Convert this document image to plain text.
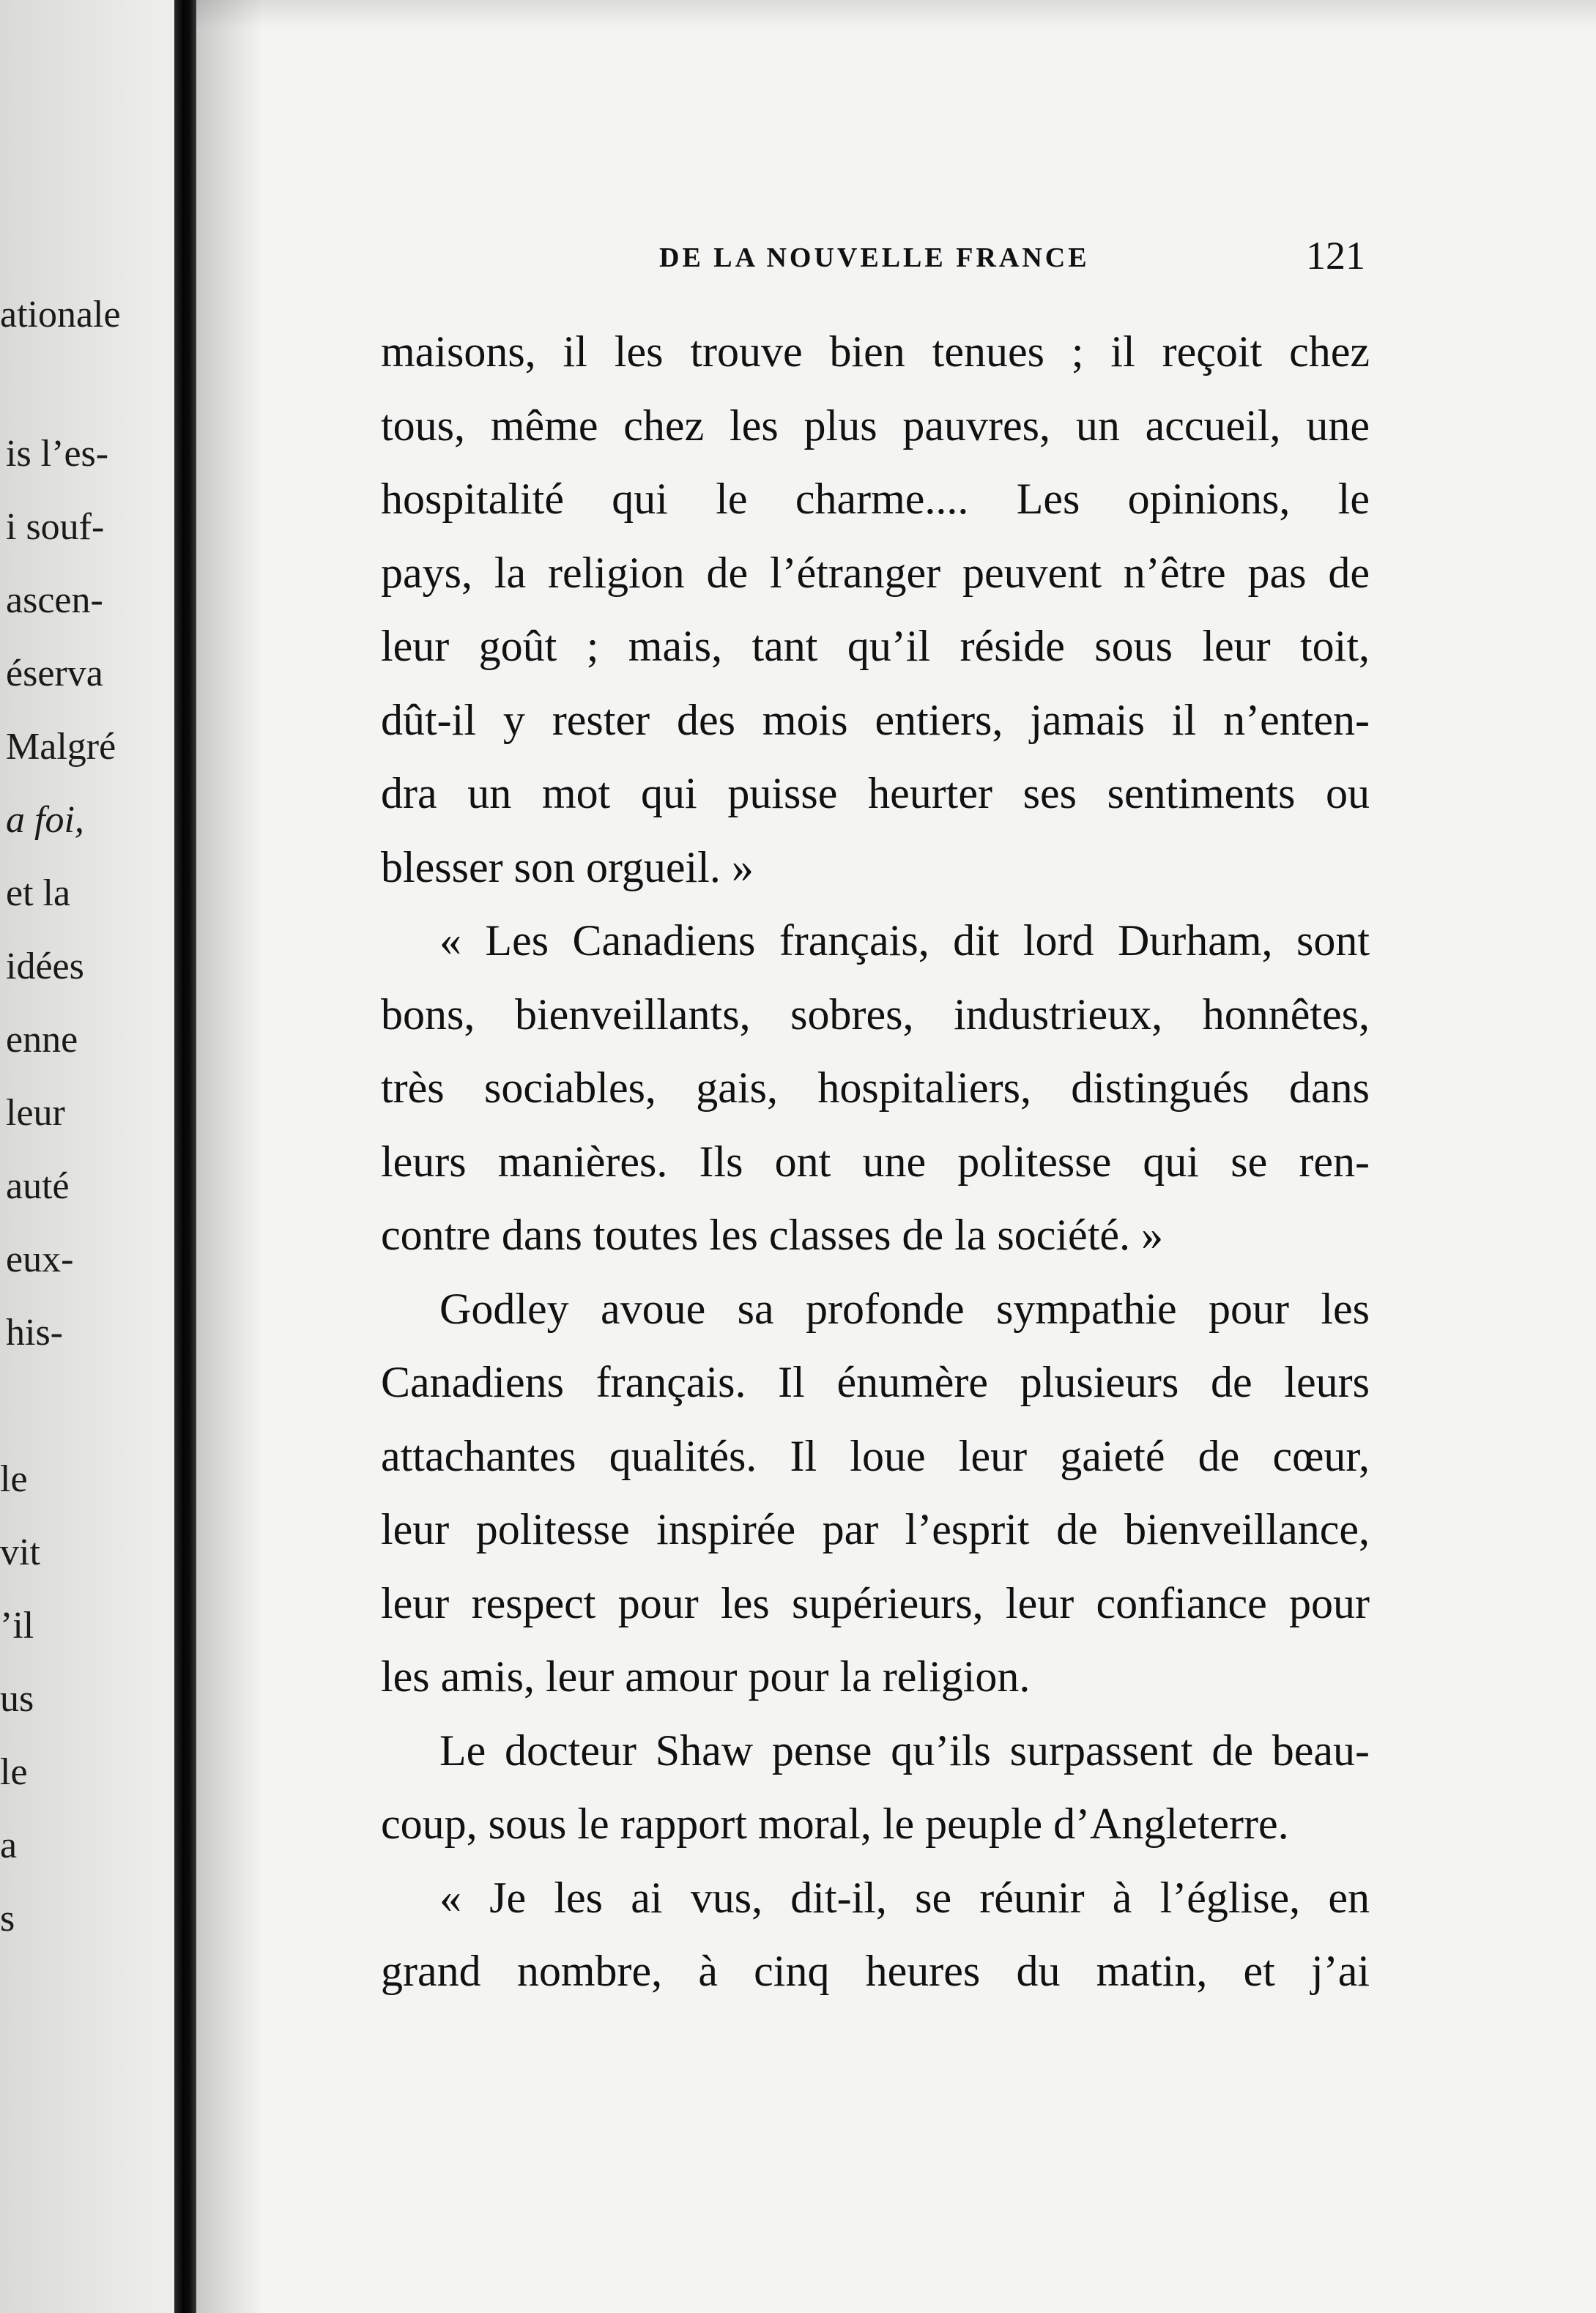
ationale
is l’es-
i souf-
ascen-
éserva
Malgré
a foi,
et la
idées
enne
leur
auté
eux-
his-
le
vit
’il
us
le
a
s
DE LA NOUVELLE FRANCE	121
maisons, il les trouve bien tenues ; il reçoit chez
tous, même chez les plus pauvres, un accueil, une
hospitalité qui le charme.... Les opinions, le
pays, la religion de l’étranger peuvent n’être pas de
leur goût ; mais, tant qu’il réside sous leur toit,
dût-il y rester des mois entiers, jamais il n’enten-
dra un mot qui puisse heurter ses sentiments ou
blesser son orgueil. »
« Les Canadiens français, dit lord Durham, sont
bons, bienveillants, sobres, industrieux, honnêtes,
très sociables, gais, hospitaliers, distingués dans
leurs manières. Ils ont une politesse qui se ren-
contre dans toutes les classes de la société. »
Godley avoue sa profonde sympathie pour les
Canadiens français. Il énumère plusieurs de leurs
attachantes qualités. Il loue leur gaieté de cœur,
leur politesse inspirée par l’esprit de bienveillance,
leur respect pour les supérieurs, leur confiance pour
les amis, leur amour pour la religion.
Le docteur Shaw pense qu’ils surpassent de beau-
coup, sous le rapport moral, le peuple d’Angleterre.
« Je les ai vus, dit-il, se réunir à l’église, en
grand nombre, à cinq heures du matin, et j’ai
